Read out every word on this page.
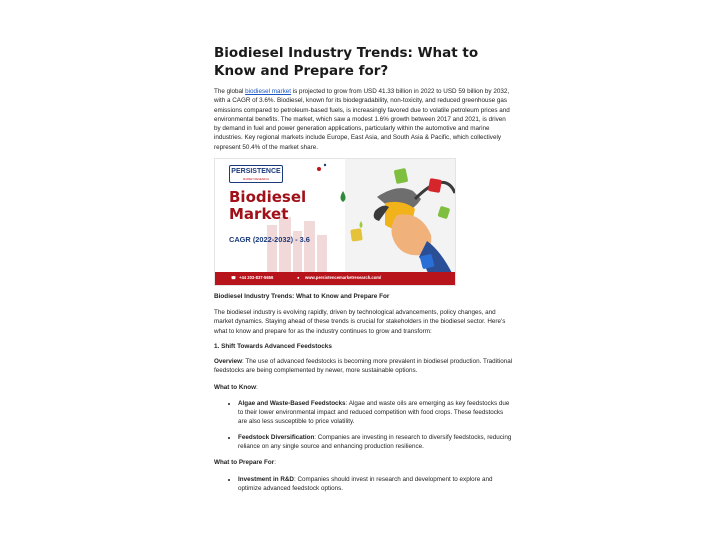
Biodiesel Industry Trends: What to Know and Prepare for?

The global biodiesel market is projected to grow from USD 41.33 billion in 2022 to USD 59 billion by 2032, with a CAGR of 3.6%. Biodiesel, known for its biodegradability, non-toxicity, and reduced greenhouse gas emissions compared to petroleum-based fuels, is increasingly favored due to volatile petroleum prices and environmental benefits. The market, which saw a modest 1.6% growth between 2017 and 2021, is driven by demand in fuel and power generation applications, particularly within the automotive and marine industries. Key regional markets include Europe, East Asia, and South Asia & Pacific, which collectively represent 50.4% of the market share.

PERSISTENCE
MARKET RESEARCH
Biodiesel
Market
CAGR (2022-2032) - 3.6
☎ +44 203-837-5656	● www.persistencemarketresearch.com/
Biodiesel Industry Trends: What to Know and Prepare For

The biodiesel industry is evolving rapidly, driven by technological advancements, policy changes, and market dynamics. Staying ahead of these trends is crucial for stakeholders in the biodiesel sector. Here's what to know and prepare for as the industry continues to grow and transform:

1. Shift Towards Advanced Feedstocks

Overview: The use of advanced feedstocks is becoming more prevalent in biodiesel production. Traditional feedstocks are being complemented by newer, more sustainable options.

What to Know:

• Algae and Waste-Based Feedstocks: Algae and waste oils are emerging as key feedstocks due to their lower environmental impact and reduced competition with food crops. These feedstocks are also less susceptible to price volatility.
• Feedstock Diversification: Companies are investing in research to diversify feedstocks, reducing reliance on any single source and enhancing production resilience.

What to Prepare For:

• Investment in R&D: Companies should invest in research and development to explore and optimize advanced feedstock options.
